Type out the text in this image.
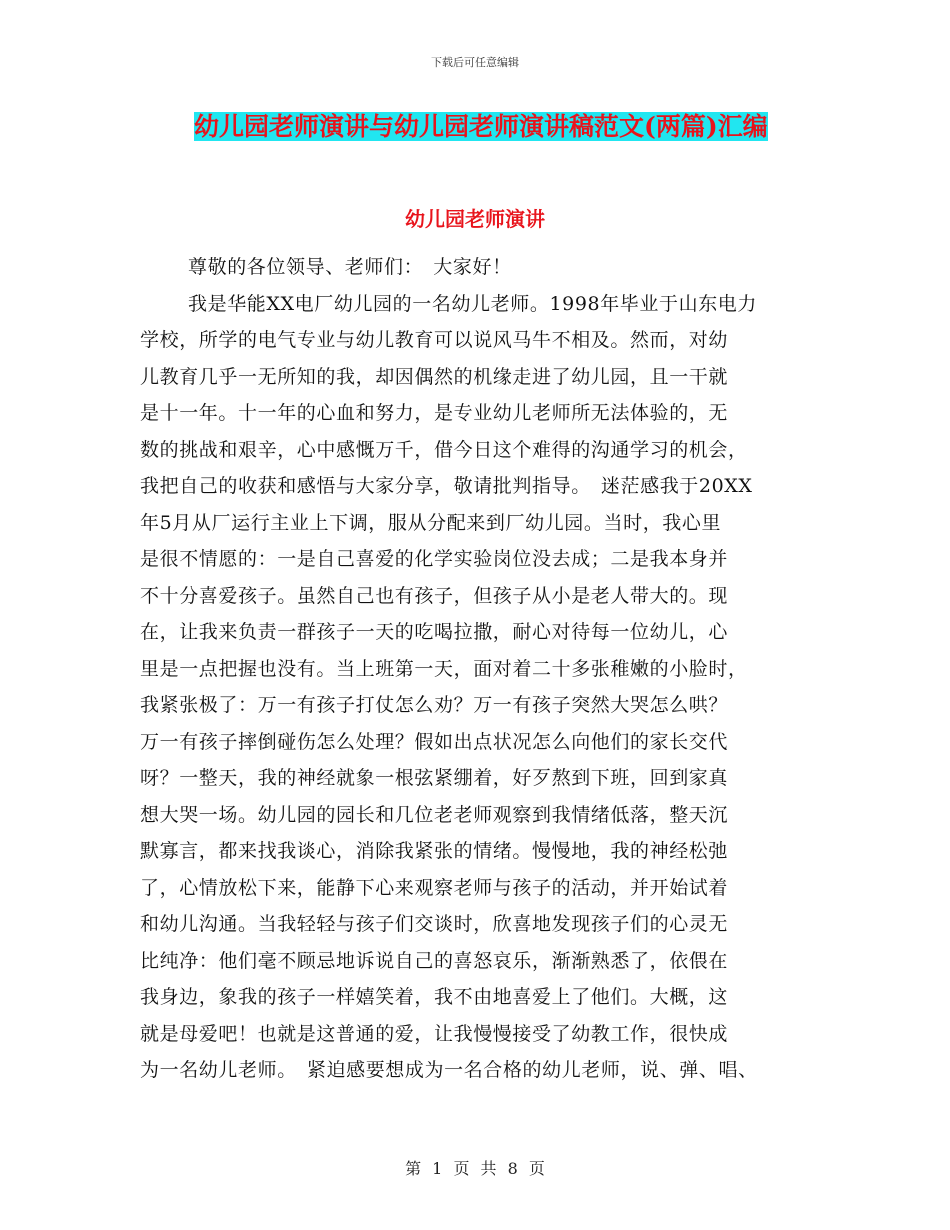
下载后可任意编辑
幼儿园老师演讲与幼儿园老师演讲稿范文(两篇)汇编
幼儿园老师演讲
尊敬的各位领导、老师们：　大家好！
我是华能XX电厂幼儿园的一名幼儿老师。1998年毕业于山东电力
学校，所学的电气专业与幼儿教育可以说风马牛不相及。然而，对幼
儿教育几乎一无所知的我，却因偶然的机缘走进了幼儿园，且一干就
是十一年。十一年的心血和努力，是专业幼儿老师所无法体验的，无
数的挑战和艰辛，心中感慨万千，借今日这个难得的沟通学习的机会，
我把自己的收获和感悟与大家分享，敬请批判指导。　迷茫感我于20XX
年5月从厂运行主业上下调，服从分配来到厂幼儿园。当时，我心里
是很不情愿的：一是自己喜爱的化学实验岗位没去成；二是我本身并
不十分喜爱孩子。虽然自己也有孩子，但孩子从小是老人带大的。现
在，让我来负责一群孩子一天的吃喝拉撒，耐心对待每一位幼儿，心
里是一点把握也没有。当上班第一天，面对着二十多张稚嫩的小脸时，
我紧张极了：万一有孩子打仗怎么劝？万一有孩子突然大哭怎么哄？
万一有孩子摔倒碰伤怎么处理？假如出点状况怎么向他们的家长交代
呀？一整天，我的神经就象一根弦紧绷着，好歹熬到下班，回到家真
想大哭一场。幼儿园的园长和几位老老师观察到我情绪低落，整天沉
默寡言，都来找我谈心，消除我紧张的情绪。慢慢地，我的神经松弛
了，心情放松下来，能静下心来观察老师与孩子的活动，并开始试着
和幼儿沟通。当我轻轻与孩子们交谈时，欣喜地发现孩子们的心灵无
比纯净：他们毫不顾忌地诉说自己的喜怒哀乐，渐渐熟悉了，依偎在
我身边，象我的孩子一样嬉笑着，我不由地喜爱上了他们。大概，这
就是母爱吧！也就是这普通的爱，让我慢慢接受了幼教工作，很快成
为一名幼儿老师。　紧迫感要想成为一名合格的幼儿老师，说、弹、唱、
第 1 页 共 8 页
